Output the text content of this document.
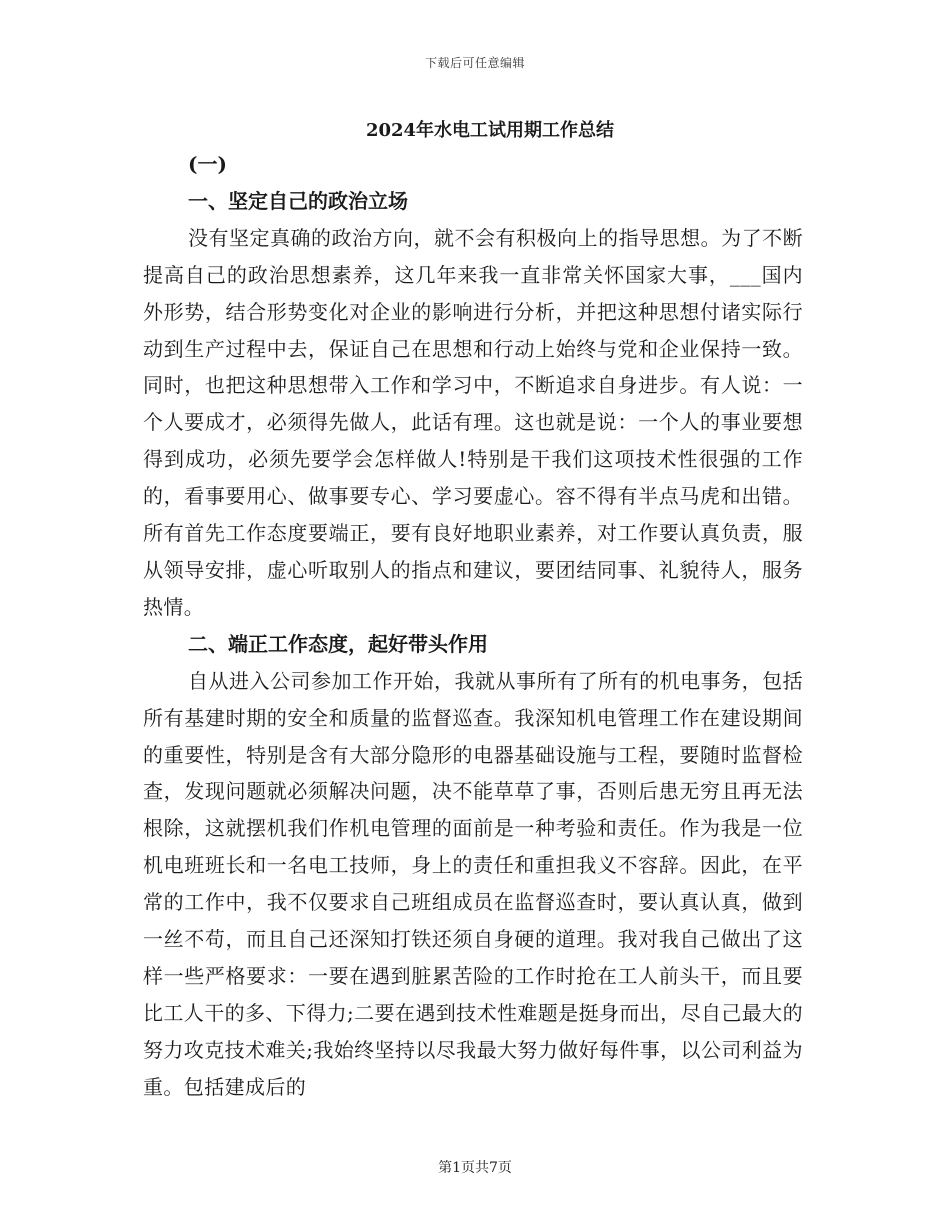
下载后可任意编辑
2024年水电工试用期工作总结
(一)
一、坚定自己的政治立场

没有坚定真确的政治方向，就不会有积极向上的指导思想。为了不断提高自己的政治思想素养，这几年来我一直非常关怀国家大事，___国内外形势，结合形势变化对企业的影响进行分析，并把这种思想付诸实际行动到生产过程中去，保证自己在思想和行动上始终与党和企业保持一致。同时，也把这种思想带入工作和学习中，不断追求自身进步。有人说：一个人要成才，必须得先做人，此话有理。这也就是说：一个人的事业要想得到成功，必须先要学会怎样做人!特别是干我们这项技术性很强的工作的，看事要用心、做事要专心、学习要虚心。容不得有半点马虎和出错。所有首先工作态度要端正，要有良好地职业素养，对工作要认真负责，服从领导安排，虚心听取别人的指点和建议，要团结同事、礼貌待人，服务热情。

二、端正工作态度，起好带头作用

自从进入公司参加工作开始，我就从事所有了所有的机电事务，包括所有基建时期的安全和质量的监督巡查。我深知机电管理工作在建设期间的重要性，特别是含有大部分隐形的电器基础设施与工程，要随时监督检查，发现问题就必须解决问题，决不能草草了事，否则后患无穷且再无法根除，这就摆机我们作机电管理的面前是一种考验和责任。作为我是一位机电班班长和一名电工技师，身上的责任和重担我义不容辞。因此，在平常的工作中，我不仅要求自己班组成员在监督巡查时，要认真认真，做到一丝不苟，而且自己还深知打铁还须自身硬的道理。我对我自己做出了这样一些严格要求：一要在遇到脏累苦险的工作时抢在工人前头干，而且要比工人干的多、下得力;二要在遇到技术性难题是挺身而出，尽自己最大的努力攻克技术难关;我始终坚持以尽我最大努力做好每件事，以公司利益为重。包括建成后的

第1页共7页
